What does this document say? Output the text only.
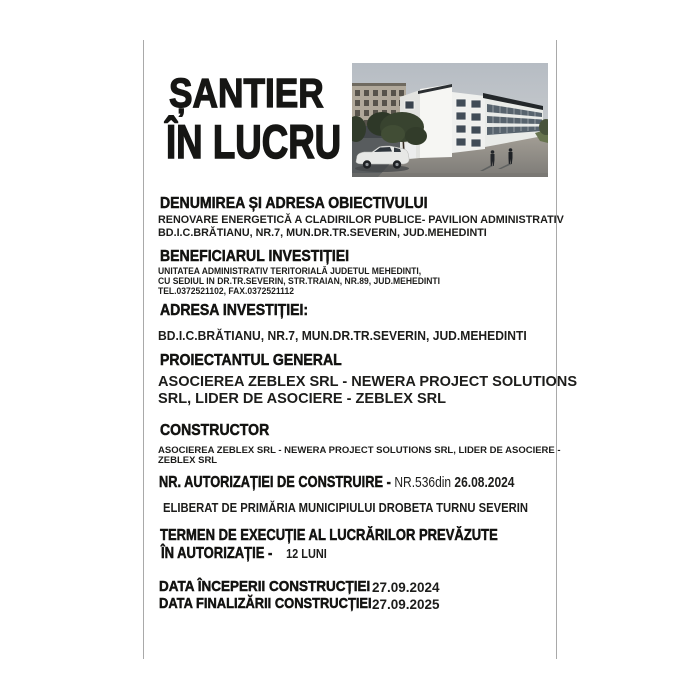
ȘANTIER
ÎN LUCRU
DENUMIREA ȘI ADRESA OBIECTIVULUI
RENOVARE ENERGETICĂ A CLADIRILOR PUBLICE- PAVILION ADMINISTRATIV
BD.I.C.BRĂTIANU, NR.7, MUN.DR.TR.SEVERIN, JUD.MEHEDINTI
BENEFICIARUL INVESTIȚIEI
UNITATEA ADMINISTRATIV TERITORIALĂ JUDETUL MEHEDINTI,
CU SEDIUL IN DR.TR.SEVERIN, STR.TRAIAN, NR.89, JUD.MEHEDINTI
TEL.0372521102, FAX.0372521112
ADRESA INVESTIȚIEI:
BD.I.C.BRĂTIANU, NR.7, MUN.DR.TR.SEVERIN, JUD.MEHEDINTI
PROIECTANTUL GENERAL
ASOCIEREA ZEBLEX SRL - NEWERA PROJECT SOLUTIONS
SRL, LIDER DE ASOCIERE - ZEBLEX SRL
CONSTRUCTOR
ASOCIEREA ZEBLEX SRL - NEWERA PROJECT SOLUTIONS SRL, LIDER DE ASOCIERE -
ZEBLEX SRL
NR. AUTORIZAȚIEI DE CONSTRUIRE - NR.536din 26.08.2024
ELIBERAT DE PRIMĂRIA MUNICIPIULUI DROBETA TURNU SEVERIN
TERMEN DE EXECUȚIE AL LUCRĂRILOR PREVĂZUTE
ÎN AUTORIZAȚIE - 12 LUNI
DATA ÎNCEPERII CONSTRUCȚIEI 27.09.2024
DATA FINALIZĂRII CONSTRUCȚIEI 27.09.2025
